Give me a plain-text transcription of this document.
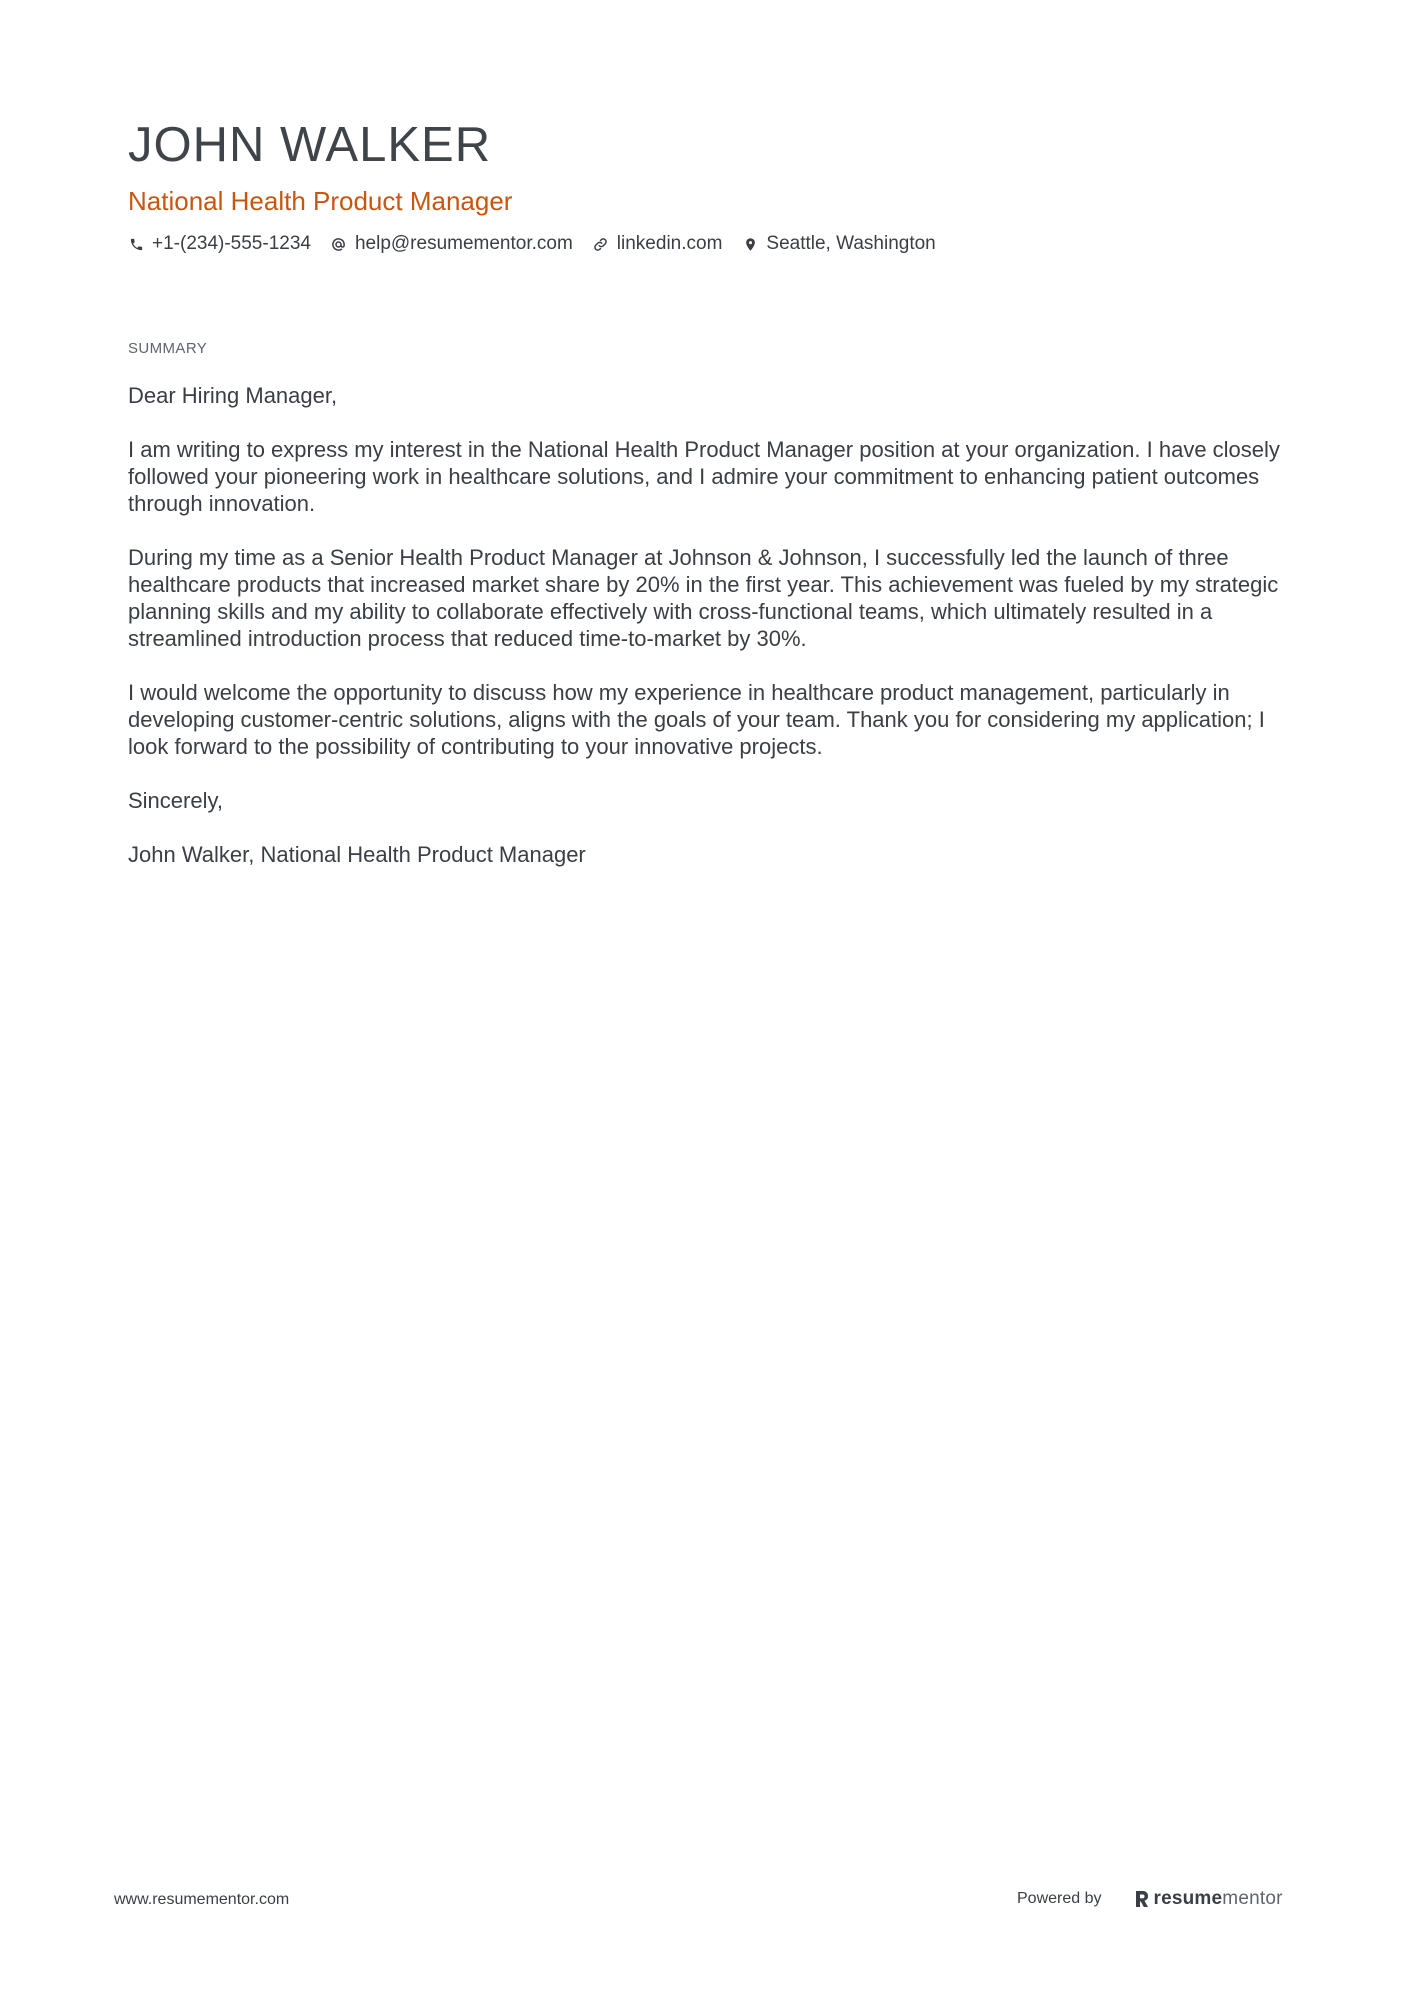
JOHN WALKER
National Health Product Manager
+1-(234)-555-1234 help@resumementor.com linkedin.com Seattle, Washington
SUMMARY

Dear Hiring Manager,

I am writing to express my interest in the National Health Product Manager position at your organization. I have closely followed your pioneering work in healthcare solutions, and I admire your commitment to enhancing patient outcomes through innovation.

During my time as a Senior Health Product Manager at Johnson & Johnson, I successfully led the launch of three healthcare products that increased market share by 20% in the first year. This achievement was fueled by my strategic planning skills and my ability to collaborate effectively with cross-functional teams, which ultimately resulted in a streamlined introduction process that reduced time-to-market by 30%.

I would welcome the opportunity to discuss how my experience in healthcare product management, particularly in developing customer-centric solutions, aligns with the goals of your team. Thank you for considering my application; I look forward to the possibility of contributing to your innovative projects.

Sincerely,

John Walker, National Health Product Manager

www.resumementor.com	Powered by	resumementor
